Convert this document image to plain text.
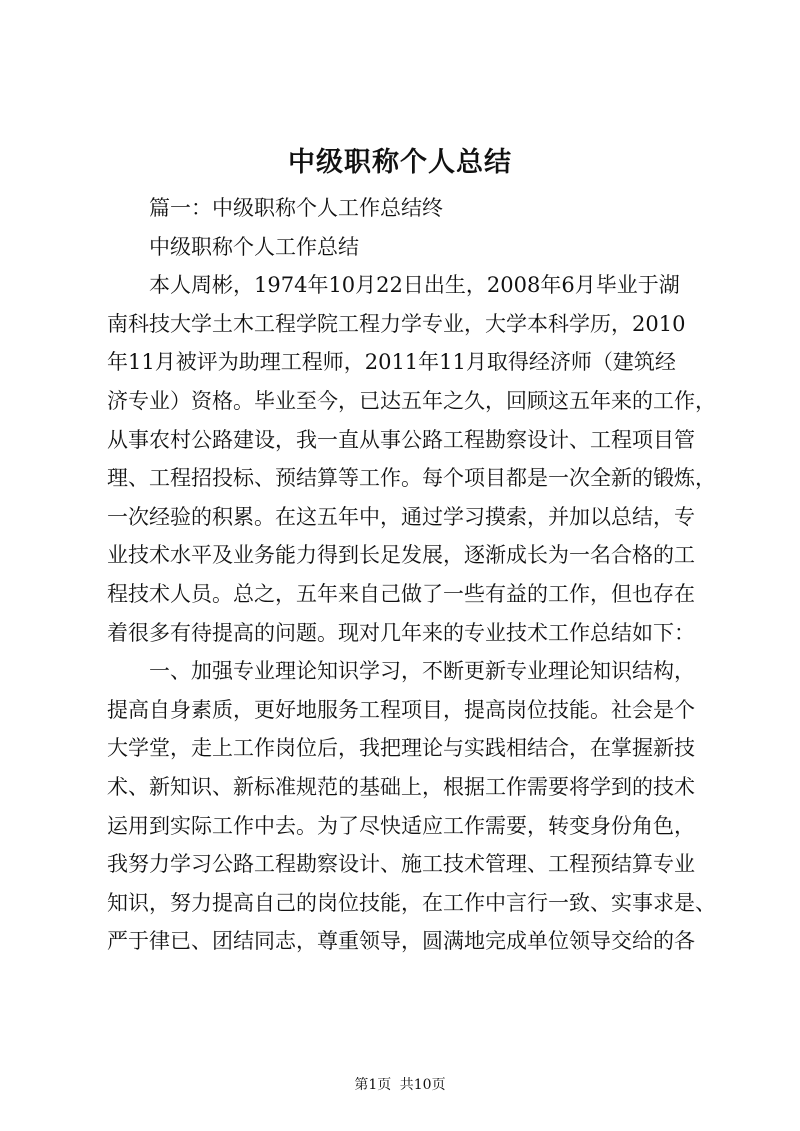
中级职称个人总结
篇一：中级职称个人工作总结终
中级职称个人工作总结
本人周彬，1974年10月22日出生，2008年6月毕业于湖
南科技大学土木工程学院工程力学专业，大学本科学历，2010
年11月被评为助理工程师，2011年11月取得经济师（建筑经
济专业）资格。毕业至今，已达五年之久，回顾这五年来的工作，
从事农村公路建设，我一直从事公路工程勘察设计、工程项目管
理、工程招投标、预结算等工作。每个项目都是一次全新的锻炼，
一次经验的积累。在这五年中，通过学习摸索，并加以总结，专
业技术水平及业务能力得到长足发展，逐渐成长为一名合格的工
程技术人员。总之，五年来自己做了一些有益的工作，但也存在
着很多有待提高的问题。现对几年来的专业技术工作总结如下：
一、加强专业理论知识学习，不断更新专业理论知识结构，
提高自身素质，更好地服务工程项目，提高岗位技能。社会是个
大学堂，走上工作岗位后，我把理论与实践相结合，在掌握新技
术、新知识、新标准规范的基础上，根据工作需要将学到的技术
运用到实际工作中去。为了尽快适应工作需要，转变身份角色，
我努力学习公路工程勘察设计、施工技术管理、工程预结算专业
知识，努力提高自己的岗位技能，在工作中言行一致、实事求是、
严于律已、团结同志，尊重领导，圆满地完成单位领导交给的各
第1页 共10页
